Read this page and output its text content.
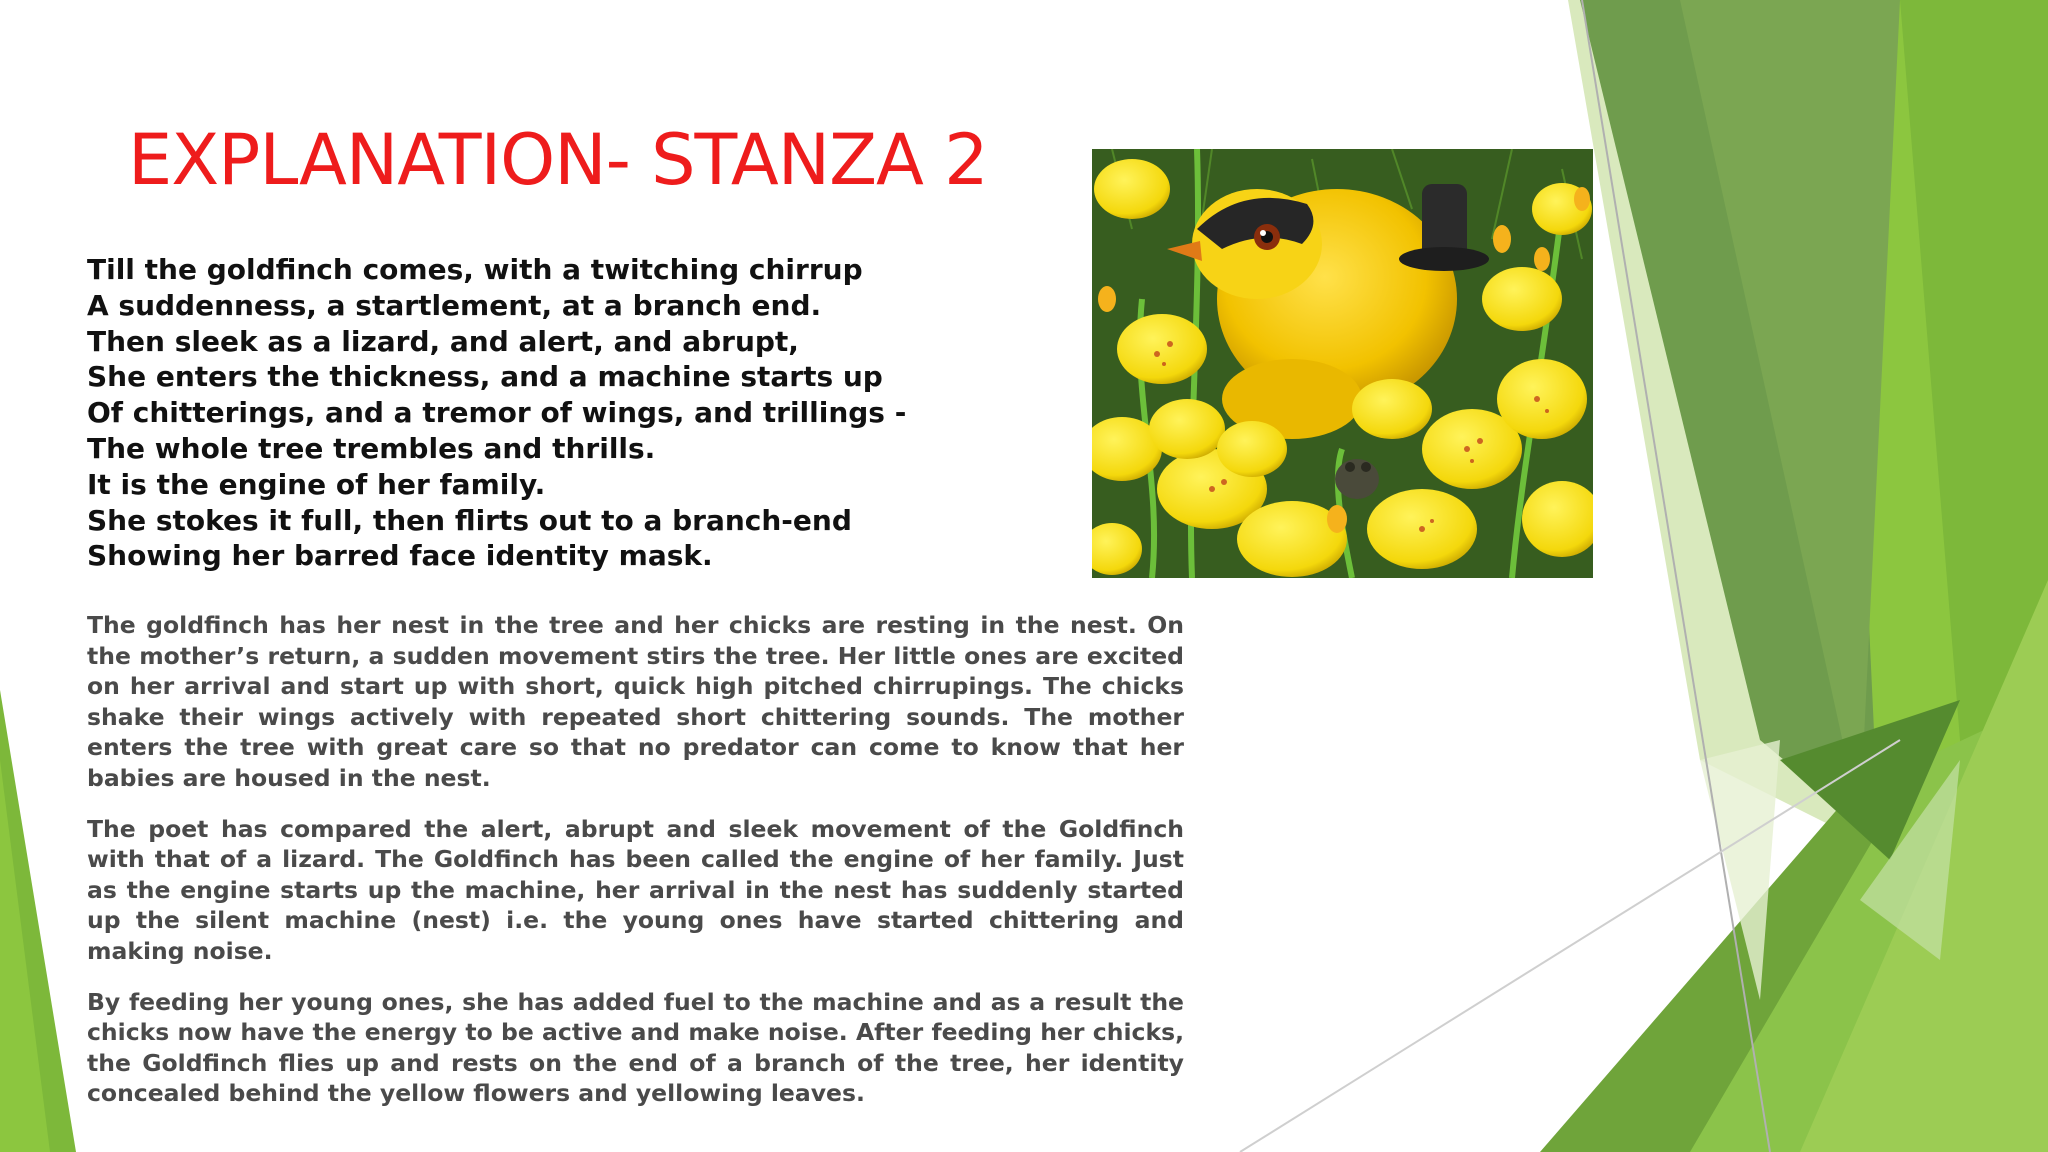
EXPLANATION- STANZA 2
Till the goldfinch comes, with a twitching chirrup
A suddenness, a startlement, at a branch end.
Then sleek as a lizard, and alert, and abrupt,
She enters the thickness, and a machine starts up
Of chitterings, and a tremor of wings, and trillings -
The whole tree trembles and thrills.
It is the engine of her family.
She stokes it full, then flirts out to a branch-end
Showing her barred face identity mask.

The goldfinch has her nest in the tree and her chicks are resting in the nest. On the mother’s return, a sudden movement stirs the tree. Her little ones are excited on her arrival and start up with short, quick high pitched chirrupings. The chicks shake their wings actively with repeated short chittering sounds. The mother enters the tree with great care so that no predator can come to know that her babies are housed in the nest.

The poet has compared the alert, abrupt and sleek movement of the Goldfinch with that of a lizard. The Goldfinch has been called the engine of her family. Just as the engine starts up the machine, her arrival in the nest has suddenly started up the silent machine (nest) i.e. the young ones have started chittering and making noise.

By feeding her young ones, she has added fuel to the machine and as a result the chicks now have the energy to be active and make noise. After feeding her chicks, the Goldfinch flies up and rests on the end of a branch of the tree, her identity concealed behind the yellow flowers and yellowing leaves.
